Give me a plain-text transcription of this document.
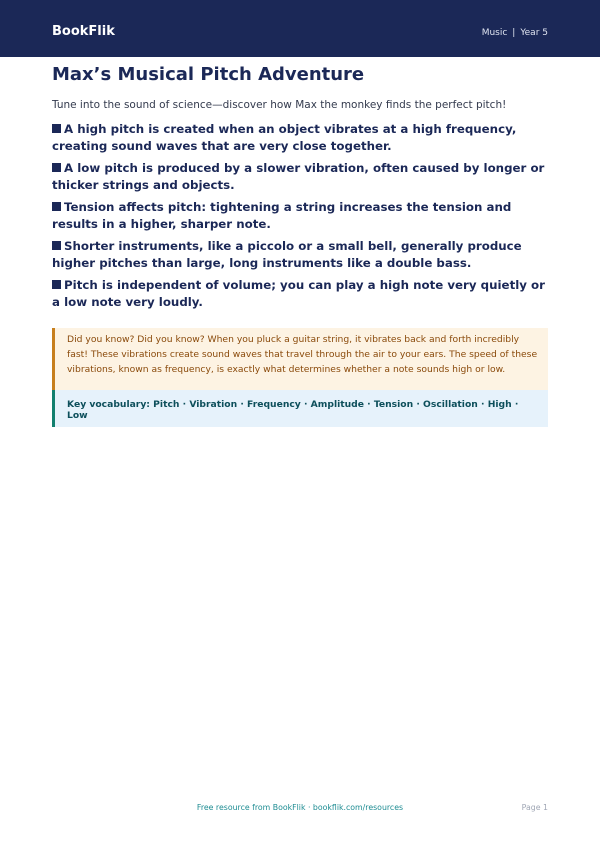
BookFlik	Music | Year 5
Max’s Musical Pitch Adventure
Tune into the sound of science—discover how Max the monkey finds the perfect pitch!
A high pitch is created when an object vibrates at a high frequency, creating sound waves that are very close together.
A low pitch is produced by a slower vibration, often caused by longer or thicker strings and objects.
Tension affects pitch: tightening a string increases the tension and results in a higher, sharper note.
Shorter instruments, like a piccolo or a small bell, generally produce higher pitches than large, long instruments like a double bass.
Pitch is independent of volume; you can play a high note very quietly or a low note very loudly.
Did you know? Did you know? When you pluck a guitar string, it vibrates back and forth incredibly fast! These vibrations create sound waves that travel through the air to your ears. The speed of these vibrations, known as frequency, is exactly what determines whether a note sounds high or low.
Key vocabulary: Pitch · Vibration · Frequency · Amplitude · Tension · Oscillation · High · Low
Free resource from BookFlik · bookflik.com/resources	Page 1
